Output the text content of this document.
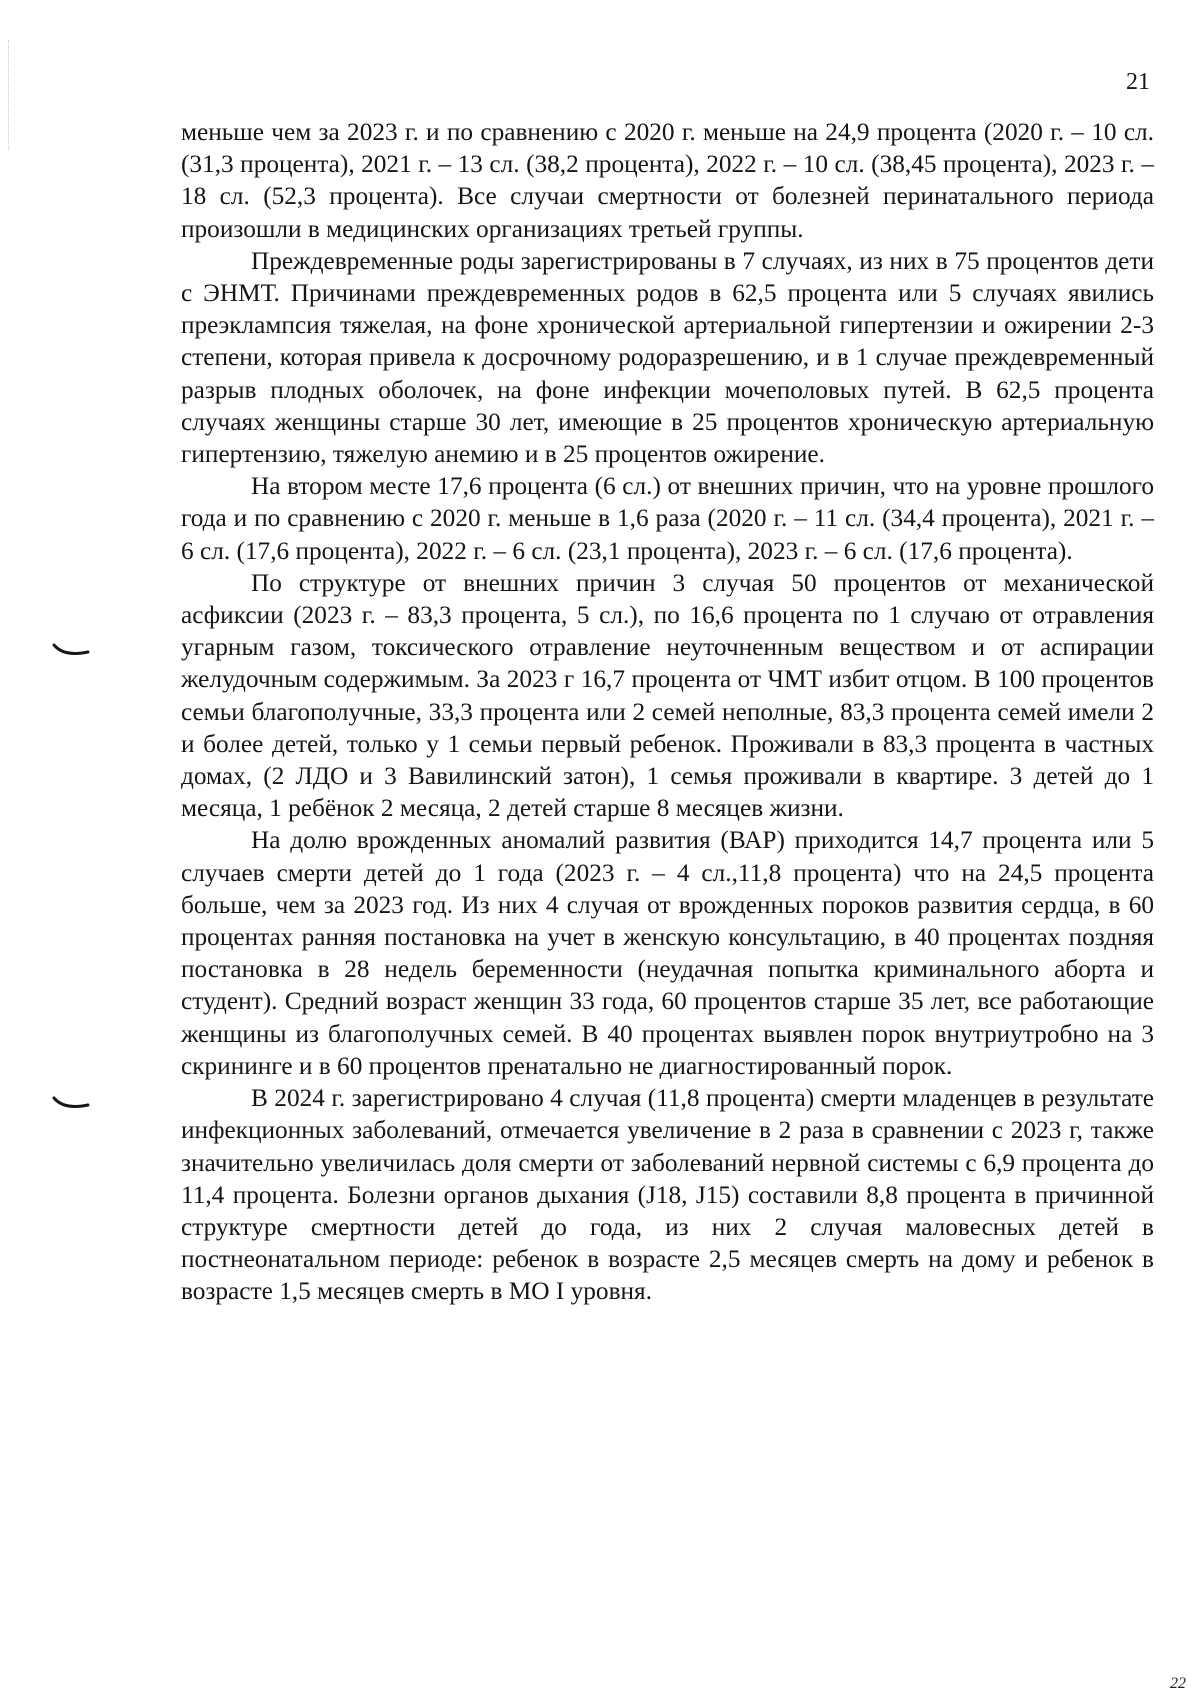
21

меньше чем за 2023 г. и по сравнению с 2020 г. меньше на 24,9 процента (2020 г. – 10 сл. (31,3 процента), 2021 г. – 13 сл. (38,2 процента), 2022 г. – 10 сл. (38,45 процента), 2023 г. – 18 сл. (52,3 процента). Все случаи смертности от болезней перинатального периода произошли в медицинских организациях третьей группы.

Преждевременные роды зарегистрированы в 7 случаях, из них в 75 процентов дети с ЭНМТ. Причинами преждевременных родов в 62,5 процента или 5 случаях явились преэклампсия тяжелая, на фоне хронической артериальной гипертензии и ожирении 2-3 степени, которая привела к досрочному родоразрешению, и в 1 случае преждевременный разрыв плодных оболочек, на фоне инфекции мочеполовых путей. В 62,5 процента случаях женщины старше 30 лет, имеющие в 25 процентов хроническую артериальную гипертензию, тяжелую анемию и в 25 процентов ожирение.

На втором месте 17,6 процента (6 сл.) от внешних причин, что на уровне прошлого года и по сравнению с 2020 г. меньше в 1,6 раза (2020 г. – 11 сл. (34,4 процента), 2021 г. – 6 сл. (17,6 процента), 2022 г. – 6 сл. (23,1 процента), 2023 г. – 6 сл. (17,6 процента).

По структуре от внешних причин 3 случая 50 процентов от механической асфиксии (2023 г. – 83,3 процента, 5 сл.), по 16,6 процента по 1 случаю от отравления угарным газом, токсического отравление неуточненным веществом и от аспирации желудочным содержимым. За 2023 г 16,7 процента от ЧМТ избит отцом. В 100 процентов семьи благополучные, 33,3 процента или 2 семей неполные, 83,3 процента семей имели 2 и более детей, только у 1 семьи первый ребенок. Проживали в 83,3 процента в частных домах, (2 ЛДО и 3 Вавилинский затон), 1 семья проживали в квартире. 3 детей до 1 месяца, 1 ребёнок 2 месяца, 2 детей старше 8 месяцев жизни.

На долю врожденных аномалий развития (ВАР) приходится 14,7 процента или 5 случаев смерти детей до 1 года (2023 г. – 4 сл.,11,8 процента) что на 24,5 процента больше, чем за 2023 год. Из них 4 случая от врожденных пороков развития сердца, в 60 процентах ранняя постановка на учет в женскую консультацию, в 40 процентах поздняя постановка в 28 недель беременности (неудачная попытка криминального аборта и студент). Средний возраст женщин 33 года, 60 процентов старше 35 лет, все работающие женщины из благополучных семей. В 40 процентах выявлен порок внутриутробно на 3 скрининге и в 60 процентов пренатально не диагностированный порок.

В 2024 г. зарегистрировано 4 случая (11,8 процента) смерти младенцев в результате инфекционных заболеваний, отмечается увеличение в 2 раза в сравнении с 2023 г, также значительно увеличилась доля смерти от заболеваний нервной системы с 6,9 процента до 11,4 процента. Болезни органов дыхания (J18, J15) составили 8,8 процента в причинной структуре смертности детей до года, из них 2 случая маловесных детей в постнеонатальном периоде: ребенок в возрасте 2,5 месяцев смерть на дому и ребенок в возрасте 1,5 месяцев смерть в МО I уровня.

22
